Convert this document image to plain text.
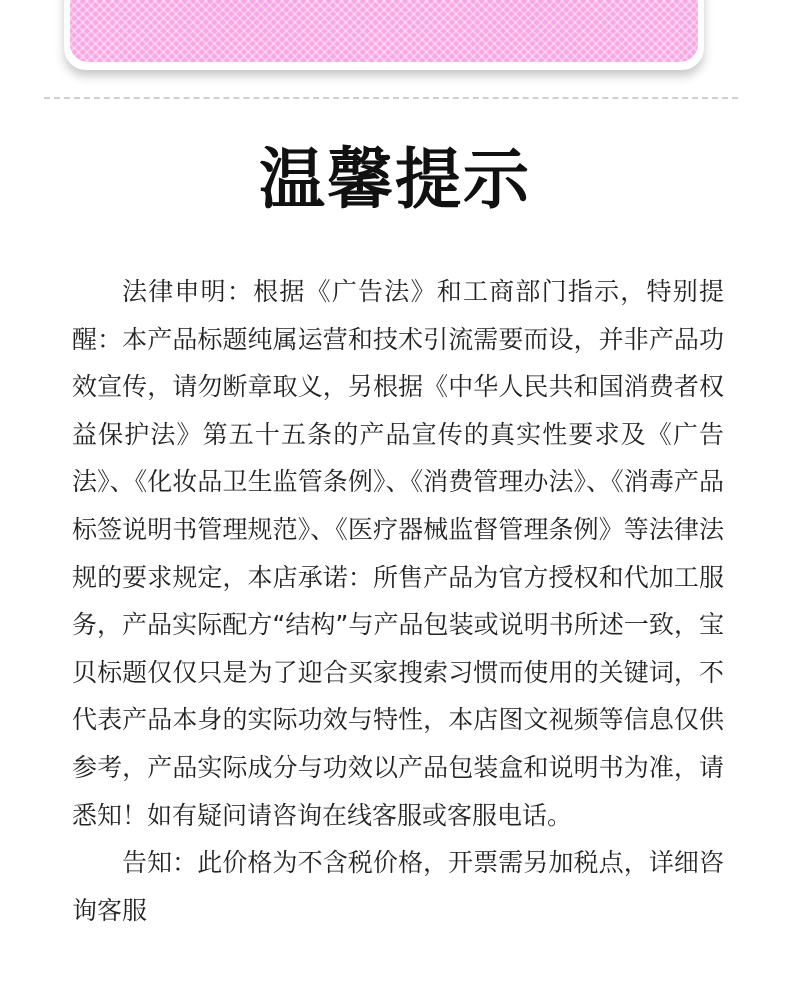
温馨提示

法律申明：根据《广告法》和工商部门指示，特别提醒：本产品标题纯属运营和技术引流需要而设，并非产品功效宣传，请勿断章取义，另根据《中华人民共和国消费者权益保护法》第五十五条的产品宣传的真实性要求及《广告法》、《化妆品卫生监管条例》、《消费管理办法》、《消毒产品标签说明书管理规范》、《医疗器械监督管理条例》等法律法规的要求规定，本店承诺：所售产品为官方授权和代加工服务，产品实际配方“结构”与产品包装或说明书所述一致，宝贝标题仅仅只是为了迎合买家搜索习惯而使用的关键词，不代表产品本身的实际功效与特性，本店图文视频等信息仅供参考，产品实际成分与功效以产品包装盒和说明书为准，请悉知！如有疑问请咨询在线客服或客服电话。

告知：此价格为不含税价格，开票需另加税点，详细咨询客服
